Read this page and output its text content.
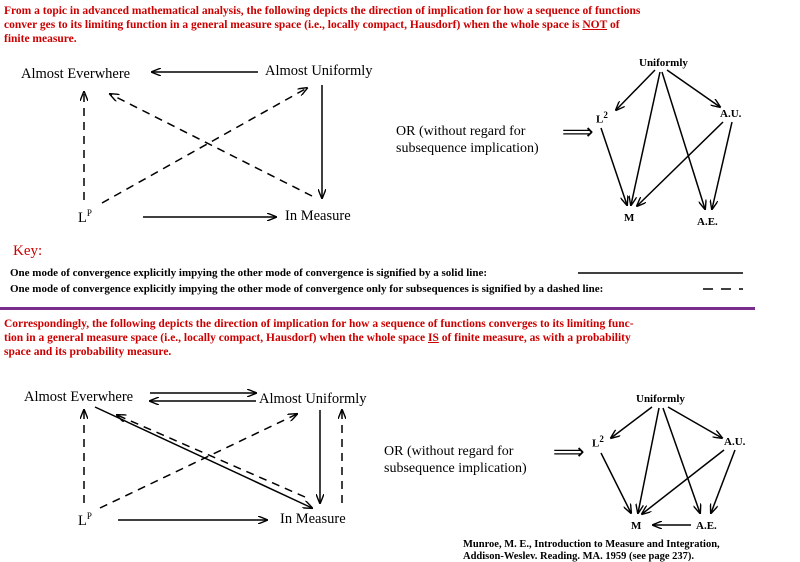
From a topic in advanced mathematical analysis, the following depicts the direction of implication for how a sequence of functions
conver ges to its limiting function in a general measure space (i.e., locally compact, Hausdorf) when the whole space is NOT of
finite measure.

Almost Everwhere	Almost Uniformly
$L^P$	In Measure
OR (without regard for
subsequence implication)
⟹
Uniformly
$L^2$	A.U.
M	A.E.
Key:
One mode of convergence explicitly impying the other mode of convergence is signified by a solid line:
One mode of convergence explicitly impying the other mode of convergence only for subsequences is signified by a dashed line:

Correspondingly, the following depicts the direction of implication for how a sequence of functions converges to its limiting func-
tion in a general measure space (i.e., locally compact, Hausdorf) when the whole space IS of finite measure, as with a probability
space and its probability measure.

Almost Everwhere	Almost Uniformly
$L^P$	In Measure
OR (without regard for
subsequence implication)
⟹
Uniformly
$L^2$	A.U.
M	A.E.
Munroe, M. E., Introduction to Measure and Integration,
Addison-Weslev. Reading. MA. 1959 (see page 237).
